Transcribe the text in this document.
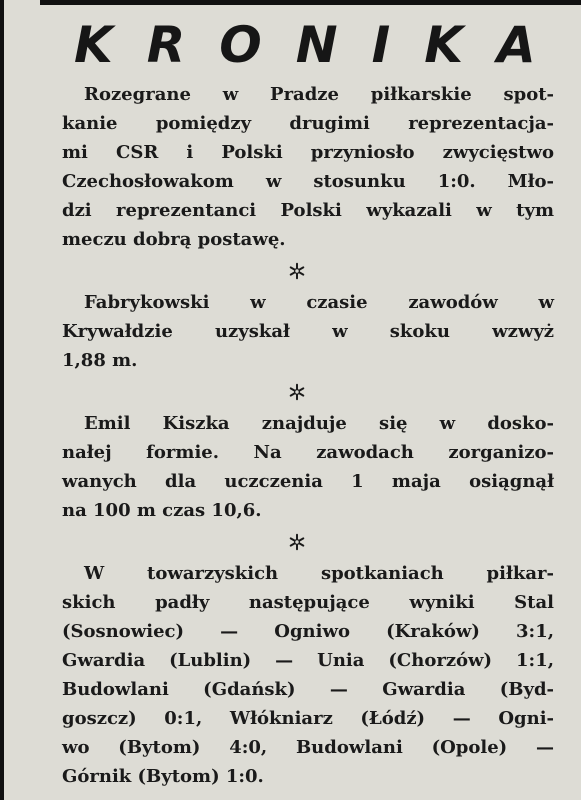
KRONIKA

Rozegrane w Pradze piłkarskie spot-
kanie pomiędzy drugimi reprezentacja-
mi CSR i Polski przyniosło zwycięstwo
Czechosłowakom w stosunku 1:0. Mło-
dzi reprezentanci Polski wykazali w tym
meczu dobrą postawę.

Fabrykowski w czasie zawodów w
Krywałdzie uzyskał w skoku wzwyż
1,88 m.

Emil Kiszka znajduje się w dosko-
nałej formie. Na zawodach zorganizo-
wanych dla uczczenia 1 maja osiągnął
na 100 m czas 10,6.

W towarzyskich spotkaniach piłkar-
skich padły następujące wyniki Stal
(Sosnowiec) — Ogniwo (Kraków) 3:1,
Gwardia (Lublin) — Unia (Chorzów) 1:1,
Budowlani (Gdańsk) — Gwardia (Byd-
goszcz) 0:1, Włókniarz (Łódź) — Ogni-
wo (Bytom) 4:0, Budowlani (Opole) —
Górnik (Bytom) 1:0.
